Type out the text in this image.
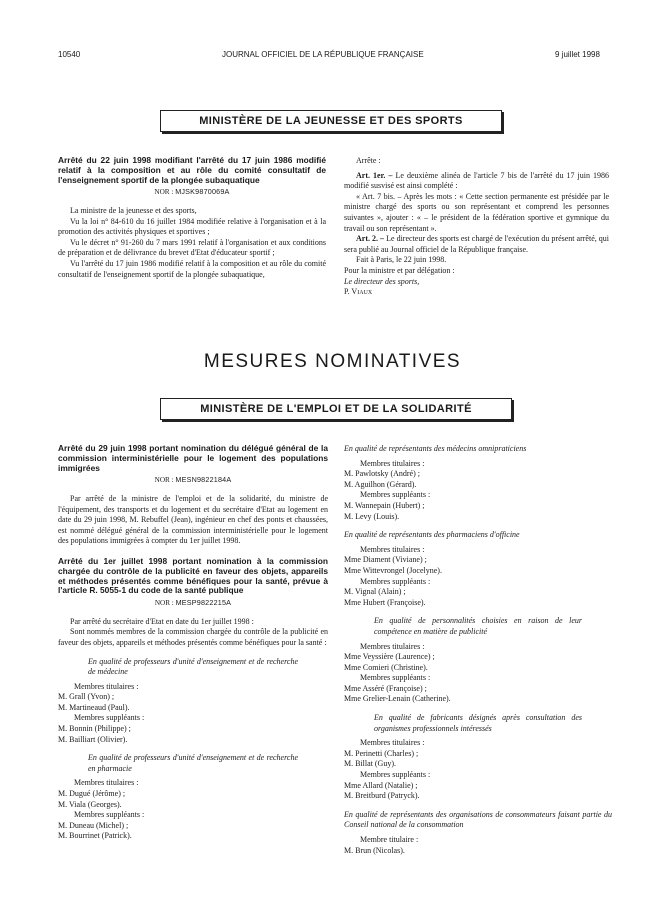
10540	JOURNAL OFFICIEL DE LA RÉPUBLIQUE FRANÇAISE	9 juillet 1998
MINISTÈRE DE LA JEUNESSE ET DES SPORTS

Arrêté du 22 juin 1998 modifiant l'arrêté du 17 juin 1986 modifié relatif à la composition et au rôle du comité consultatif de l'enseignement sportif de la plongée subaquatique

NOR : MJSK9870069A

La ministre de la jeunesse et des sports,

Vu la loi n° 84-610 du 16 juillet 1984 modifiée relative à l'organisation et à la promotion des activités physiques et sportives ;

Vu le décret n° 91-260 du 7 mars 1991 relatif à l'organisation et aux conditions de préparation et de délivrance du brevet d'Etat d'éducateur sportif ;

Vu l'arrêté du 17 juin 1986 modifié relatif à la composition et au rôle du comité consultatif de l'enseignement sportif de la plongée subaquatique,

Arrête :

Art. 1er. – Le deuxième alinéa de l'article 7 bis de l'arrêté du 17 juin 1986 modifié susvisé est ainsi complété :

« Art. 7 bis. – Après les mots : « Cette section permanente est présidée par le ministre chargé des sports ou son représentant et comprend les personnes suivantes », ajouter : « – le président de la fédération sportive et gymnique du travail ou son représentant ».

Art. 2. – Le directeur des sports est chargé de l'exécution du présent arrêté, qui sera publié au Journal officiel de la République française.

Fait à Paris, le 22 juin 1998.

Pour la ministre et par délégation :

Le directeur des sports,

P. Viaux

MESURES NOMINATIVES
MINISTÈRE DE L'EMPLOI ET DE LA SOLIDARITÉ

Arrêté du 29 juin 1998 portant nomination du délégué général de la commission interministérielle pour le logement des populations immigrées

NOR : MESN9822184A

Par arrêté de la ministre de l'emploi et de la solidarité, du ministre de l'équipement, des transports et du logement et du secrétaire d'Etat au logement en date du 29 juin 1998, M. Rebuffel (Jean), ingénieur en chef des ponts et chaussées, est nommé délégué général de la commission interministérielle pour le logement des populations immigrées à compter du 1er juillet 1998.

Arrêté du 1er juillet 1998 portant nomination à la commission chargée du contrôle de la publicité en faveur des objets, appareils et méthodes présentés comme bénéfiques pour la santé, prévue à l'article R. 5055-1 du code de la santé publique

NOR : MESP9822215A

Par arrêté du secrétaire d'Etat en date du 1er juillet 1998 :

Sont nommés membres de la commission chargée du contrôle de la publicité en faveur des objets, appareils et méthodes présentés comme bénéfiques pour la santé :

En qualité de professeurs d'unité d'enseignement et de recherche de médecine

Membres titulaires :

M. Grall (Yvon) ;

M. Martineaud (Paul).

Membres suppléants :

M. Bonnin (Philippe) ;

M. Bailliart (Olivier).

En qualité de professeurs d'unité d'enseignement et de recherche en pharmacie

Membres titulaires :

M. Dugué (Jérôme) ;

M. Viala (Georges).

Membres suppléants :

M. Duneau (Michel) ;

M. Bourrinet (Patrick).

En qualité de représentants des médecins omnipraticiens

Membres titulaires :

M. Pawlotsky (André) ;

M. Aguilhon (Gérard).

Membres suppléants :

M. Wannepain (Hubert) ;

M. Levy (Louis).

En qualité de représentants des pharmaciens d'officine

Membres titulaires :

Mme Diament (Viviane) ;

Mme Wittevrongel (Jocelyne).

Membres suppléants :

M. Vignal (Alain) ;

Mme Hubert (Françoise).

En qualité de personnalités choisies en raison de leur compétence en matière de publicité

Membres titulaires :

Mme Veyssière (Laurence) ;

Mme Comieri (Christine).

Membres suppléants :

Mme Asséré (Françoise) ;

Mme Grelier-Lenain (Catherine).

En qualité de fabricants désignés après consultation des organismes professionnels intéressés

Membres titulaires :

M. Perinetti (Charles) ;

M. Billat (Guy).

Membres suppléants :

Mme Allard (Natalie) ;

M. Breitburd (Patryck).

En qualité de représentants des organisations de consommateurs faisant partie du Conseil national de la consommation

Membre titulaire :

M. Brun (Nicolas).
